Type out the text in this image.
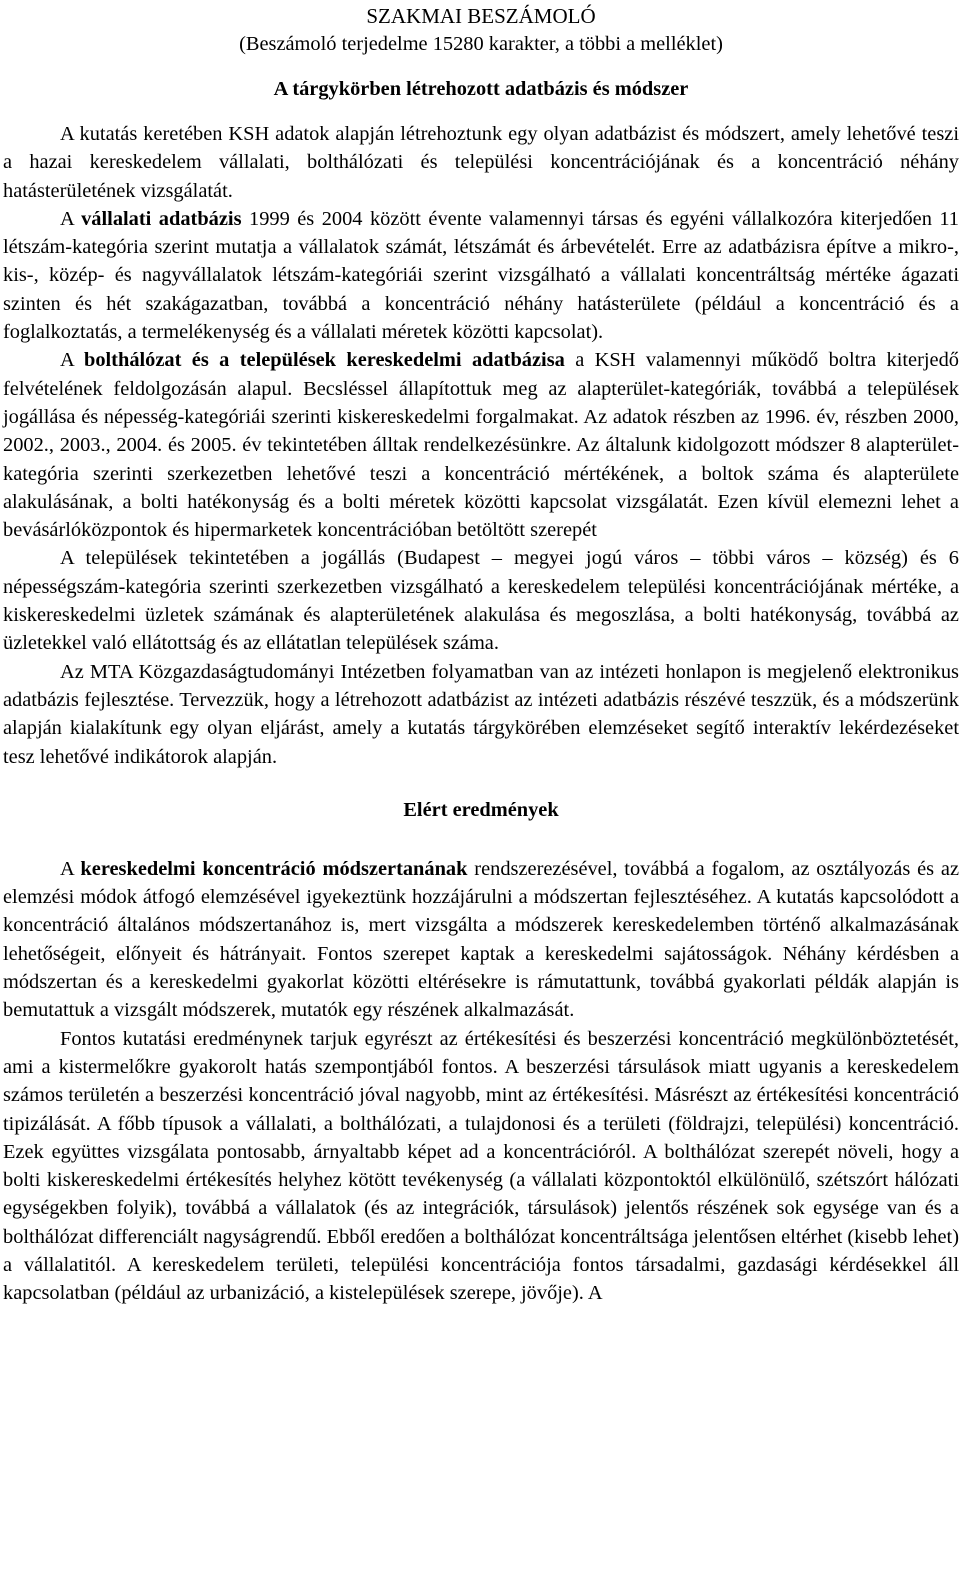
SZAKMAI BESZÁMOLÓ

(Beszámoló terjedelme 15280 karakter, a többi a melléklet)

A tárgykörben létrehozott adatbázis és módszer

A kutatás keretében KSH adatok alapján létrehoztunk egy olyan adatbázist és módszert, amely lehetővé teszi a hazai kereskedelem vállalati, bolthálózati és települési koncentrációjának és a koncentráció néhány hatásterületének vizsgálatát.

A vállalati adatbázis 1999 és 2004 között évente valamennyi társas és egyéni vállalkozóra kiterjedően 11 létszám-kategória szerint mutatja a vállalatok számát, létszámát és árbevételét. Erre az adatbázisra építve a mikro-, kis-, közép- és nagyvállalatok létszám-kategóriái szerint vizsgálható a vállalati koncentráltság mértéke ágazati szinten és hét szakágazatban, továbbá a koncentráció néhány hatásterülete (például a koncentráció és a foglalkoztatás, a termelékenység és a vállalati méretek közötti kapcsolat).

A bolthálózat és a települések kereskedelmi adatbázisa a KSH valamennyi működő boltra kiterjedő felvételének feldolgozásán alapul. Becsléssel állapítottuk meg az alapterület-kategóriák, továbbá a települések jogállása és népesség-kategóriái szerinti kiskereskedelmi forgalmakat. Az adatok részben az 1996. év, részben 2000, 2002., 2003., 2004. és 2005. év tekintetében álltak rendelkezésünkre. Az általunk kidolgozott módszer 8 alapterület-kategória szerinti szerkezetben lehetővé teszi a koncentráció mértékének, a boltok száma és alapterülete alakulásának, a bolti hatékonyság és a bolti méretek közötti kapcsolat vizsgálatát. Ezen kívül elemezni lehet a bevásárlóközpontok és hipermarketek koncentrációban betöltött szerepét

A települések tekintetében a jogállás (Budapest – megyei jogú város – többi város – község) és 6 népességszám-kategória szerinti szerkezetben vizsgálható a kereskedelem települési koncentrációjának mértéke, a kiskereskedelmi üzletek számának és alapterületének alakulása és megoszlása, a bolti hatékonyság, továbbá az üzletekkel való ellátottság és az ellátatlan települések száma.

Az MTA Közgazdaságtudományi Intézetben folyamatban van az intézeti honlapon is megjelenő elektronikus adatbázis fejlesztése. Tervezzük, hogy a létrehozott adatbázist az intézeti adatbázis részévé teszzük, és a módszerünk alapján kialakítunk egy olyan eljárást, amely a kutatás tárgykörében elemzéseket segítő interaktív lekérdezéseket tesz lehetővé indikátorok alapján.

Elért eredmények

A kereskedelmi koncentráció módszertanának rendszerezésével, továbbá a fogalom, az osztályozás és az elemzési módok átfogó elemzésével igyekeztünk hozzájárulni a módszertan fejlesztéséhez. A kutatás kapcsolódott a koncentráció általános módszertanához is, mert vizsgálta a módszerek kereskedelemben történő alkalmazásának lehetőségeit, előnyeit és hátrányait. Fontos szerepet kaptak a kereskedelmi sajátosságok. Néhány kérdésben a módszertan és a kereskedelmi gyakorlat közötti eltérésekre is rámutattunk, továbbá gyakorlati példák alapján is bemutattuk a vizsgált módszerek, mutatók egy részének alkalmazását.

Fontos kutatási eredménynek tarjuk egyrészt az értékesítési és beszerzési koncentráció megkülönböztetését, ami a kistermelőkre gyakorolt hatás szempontjából fontos. A beszerzési társulások miatt ugyanis a kereskedelem számos területén a beszerzési koncentráció jóval nagyobb, mint az értékesítési. Másrészt az értékesítési koncentráció tipizálását. A főbb típusok a vállalati, a bolthálózati, a tulajdonosi és a területi (földrajzi, települési) koncentráció. Ezek együttes vizsgálata pontosabb, árnyaltabb képet ad a koncentrációról. A bolthálózat szerepét növeli, hogy a bolti kiskereskedelmi értékesítés helyhez kötött tevékenység (a vállalati központoktól elkülönülő, szétszórt hálózati egységekben folyik), továbbá a vállalatok (és az integrációk, társulások) jelentős részének sok egysége van és a bolthálózat differenciált nagyságrendű. Ebből eredően a bolthálózat koncentráltsága jelentősen eltérhet (kisebb lehet) a vállalatitól. A kereskedelem területi, települési koncentrációja fontos társadalmi, gazdasági kérdésekkel áll kapcsolatban (például az urbanizáció, a kistelepülések szerepe, jövője). A
